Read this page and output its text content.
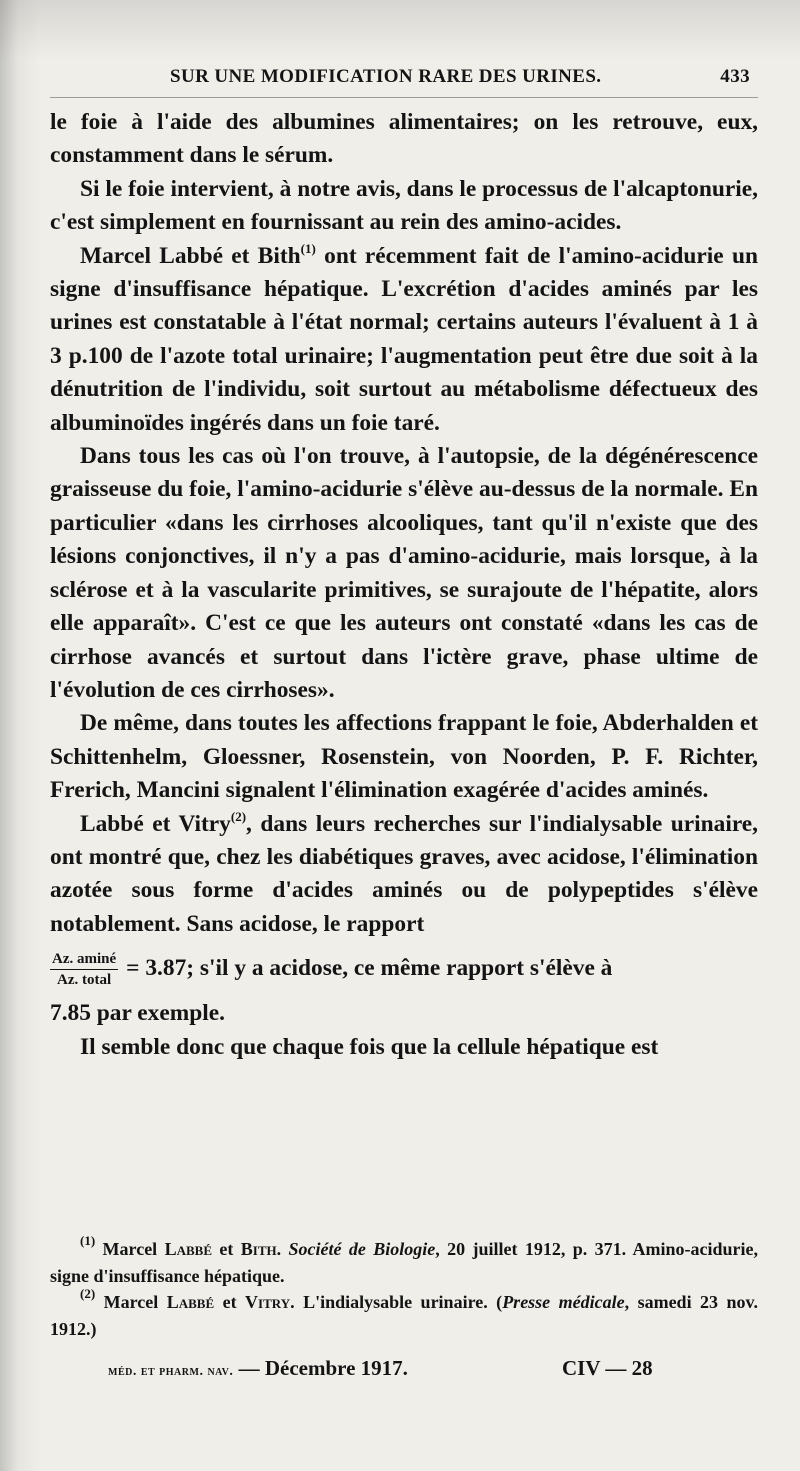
SUR UNE MODIFICATION RARE DES URINES.	433

le foie à l'aide des albumines alimentaires; on les retrouve, eux, constamment dans le sérum.

Si le foie intervient, à notre avis, dans le processus de l'alcaptonurie, c'est simplement en fournissant au rein des amino-acides.

Marcel Labbé et Bith$^{(1)}$ ont récemment fait de l'amino-acidurie un signe d'insuffisance hépatique. L'excrétion d'acides aminés par les urines est constatable à l'état normal; certains auteurs l'évaluent à 1 à 3 p.100 de l'azote total urinaire; l'augmentation peut être due soit à la dénutrition de l'individu, soit surtout au métabolisme défectueux des albuminoïdes ingérés dans un foie taré.

Dans tous les cas où l'on trouve, à l'autopsie, de la dégénérescence graisseuse du foie, l'amino-acidurie s'élève au-dessus de la normale. En particulier «dans les cirrhoses alcooliques, tant qu'il n'existe que des lésions conjonctives, il n'y a pas d'amino-acidurie, mais lorsque, à la sclérose et à la vascularite primitives, se surajoute de l'hépatite, alors elle apparaît». C'est ce que les auteurs ont constaté «dans les cas de cirrhose avancés et surtout dans l'ictère grave, phase ultime de l'évolution de ces cirrhoses».

De même, dans toutes les affections frappant le foie, Abderhalden et Schittenhelm, Gloessner, Rosenstein, von Noorden, P. F. Richter, Frerich, Mancini signalent l'élimination exagérée d'acides aminés.

Labbé et Vitry$^{(2)}$, dans leurs recherches sur l'indialysable urinaire, ont montré que, chez les diabétiques graves, avec acidose, l'élimination azotée sous forme d'acides aminés ou de polypeptides s'élève notablement. Sans acidose, le rapport

$\frac{Az. aminé}{\text{Az. total}} = 3.87$; s'il y a acidose, ce même rapport s'élève à

7.85 par exemple.

Il semble donc que chaque fois que la cellule hépatique est

$^{(1)}$ Marcel Labbé et Bith. Société de Biologie, 20 juillet 1912, p. 371. Amino-acidurie, signe d'insuffisance hépatique.

$^{(2)}$ Marcel Labbé et Vitry. L'indialysable urinaire. (Presse médicale, samedi 23 nov. 1912.)

méd. et pharm. nav. — Décembre 1917.	CIV — 28
